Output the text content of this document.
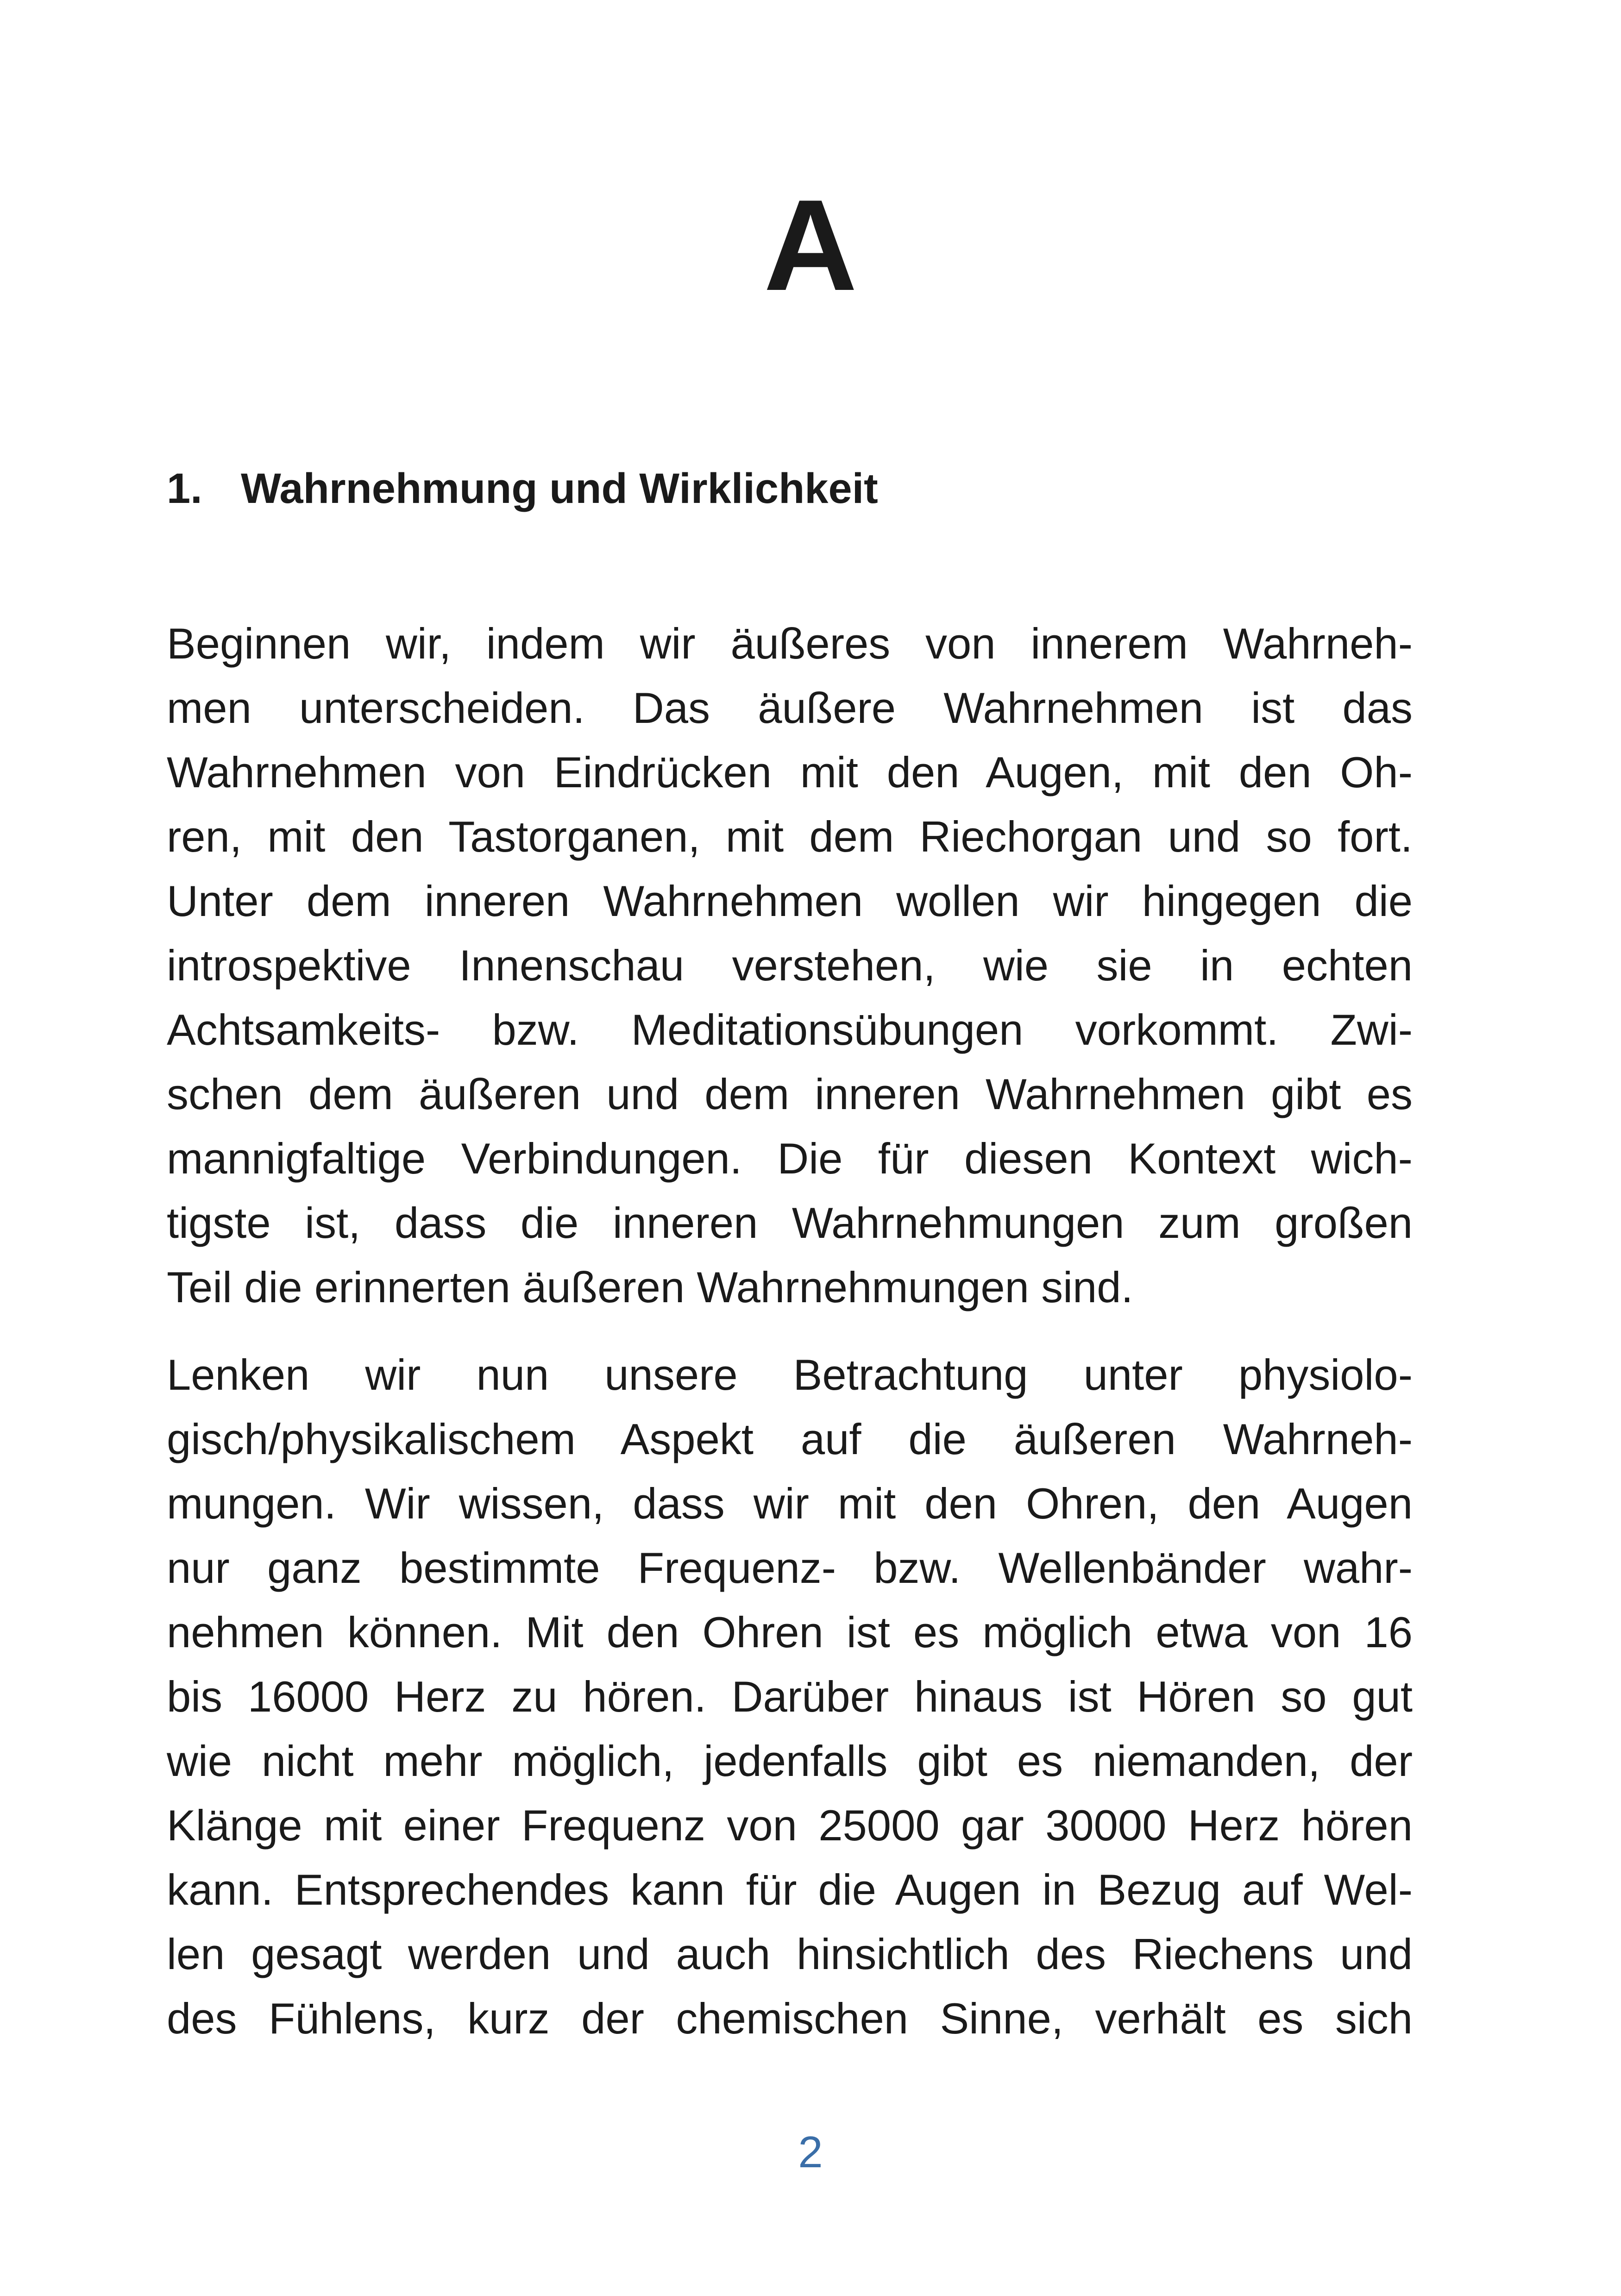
A
1. Wahrnehmung und Wirklichkeit
Beginnen wir, indem wir äußeres von innerem Wahrneh-
men unterscheiden. Das äußere Wahrnehmen ist das
Wahrnehmen von Eindrücken mit den Augen, mit den Oh-
ren, mit den Tastorganen, mit dem Riechorgan und so fort.
Unter dem inneren Wahrnehmen wollen wir hingegen die
introspektive Innenschau verstehen, wie sie in echten
Achtsamkeits- bzw. Meditationsübungen vorkommt. Zwi-
schen dem äußeren und dem inneren Wahrnehmen gibt es
mannigfaltige Verbindungen. Die für diesen Kontext wich-
tigste ist, dass die inneren Wahrnehmungen zum großen
Teil die erinnerten äußeren Wahrnehmungen sind.
Lenken wir nun unsere Betrachtung unter physiolo-
gisch/physikalischem Aspekt auf die äußeren Wahrneh-
mungen. Wir wissen, dass wir mit den Ohren, den Augen
nur ganz bestimmte Frequenz- bzw. Wellenbänder wahr-
nehmen können. Mit den Ohren ist es möglich etwa von 16
bis 16000 Herz zu hören. Darüber hinaus ist Hören so gut
wie nicht mehr möglich, jedenfalls gibt es niemanden, der
Klänge mit einer Frequenz von 25000 gar 30000 Herz hören
kann. Entsprechendes kann für die Augen in Bezug auf Wel-
len gesagt werden und auch hinsichtlich des Riechens und
des Fühlens, kurz der chemischen Sinne, verhält es sich
2
